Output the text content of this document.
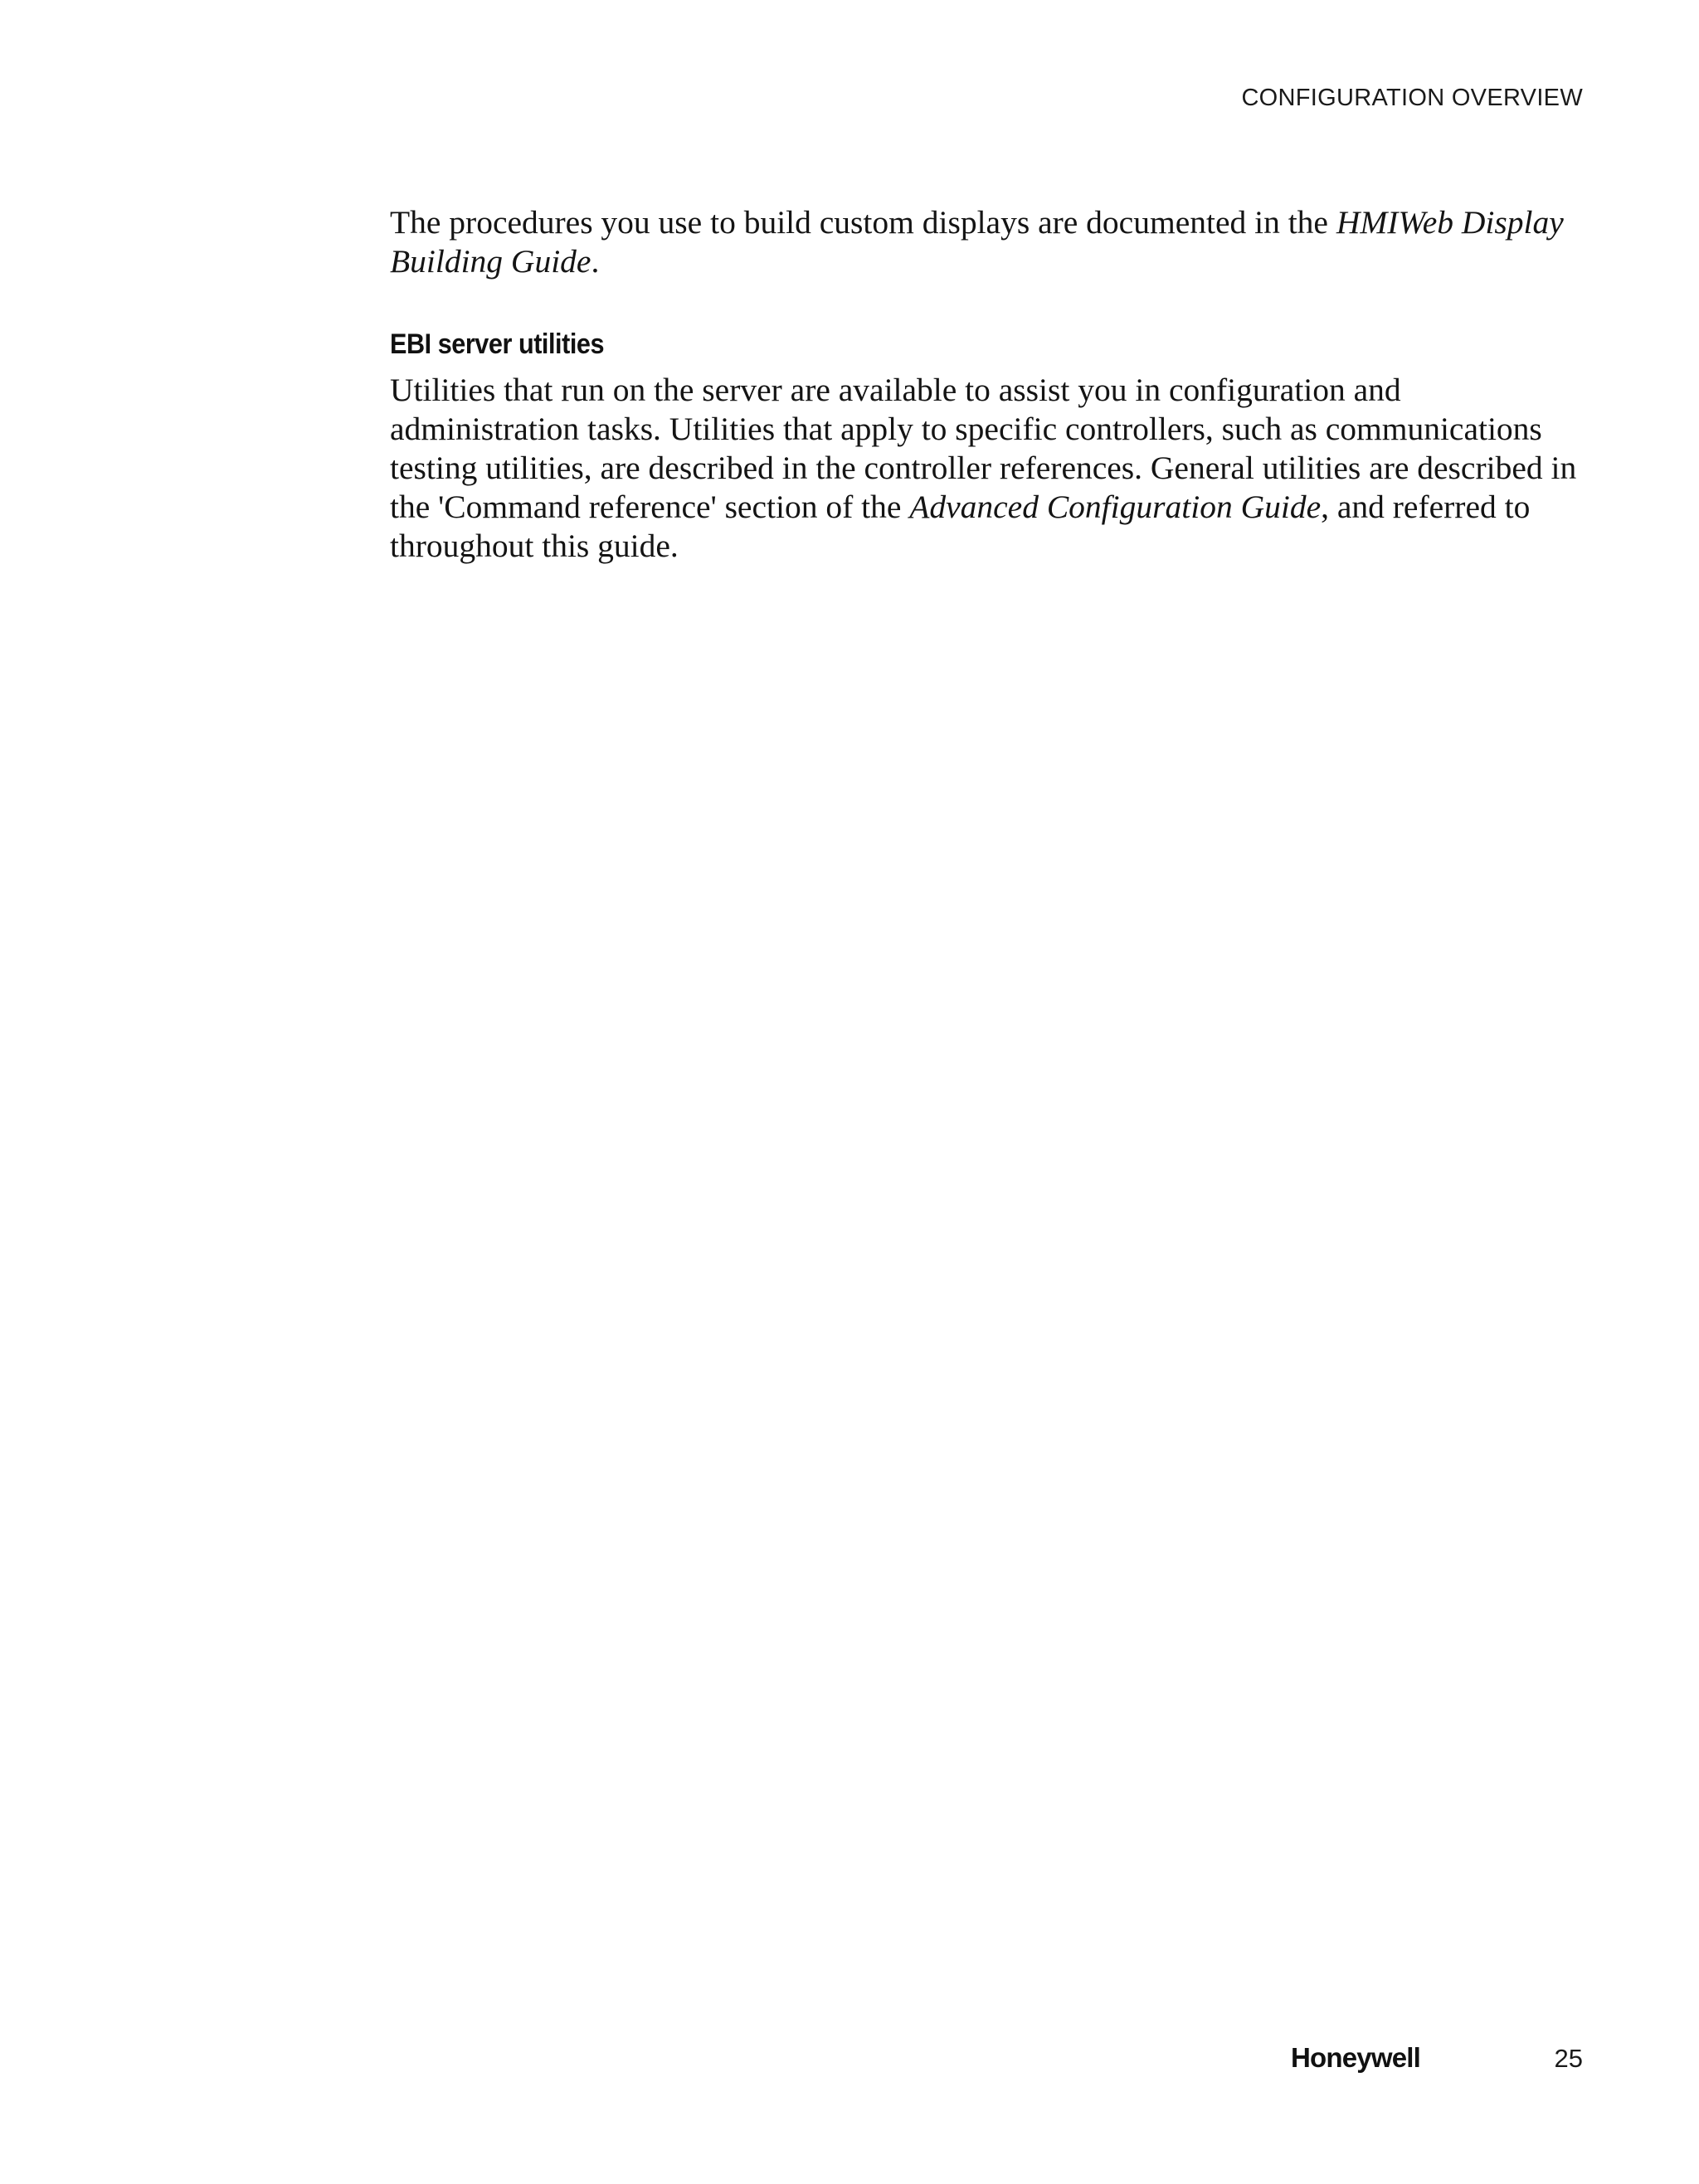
CONFIGURATION OVERVIEW

The procedures you use to build custom displays are documented in the HMIWeb Display Building Guide.

EBI server utilities

Utilities that run on the server are available to assist you in configuration and administration tasks. Utilities that apply to specific controllers, such as communications testing utilities, are described in the controller references. General utilities are described in the 'Command reference' section of the Advanced Configuration Guide, and referred to throughout this guide.

Honeywell	25
